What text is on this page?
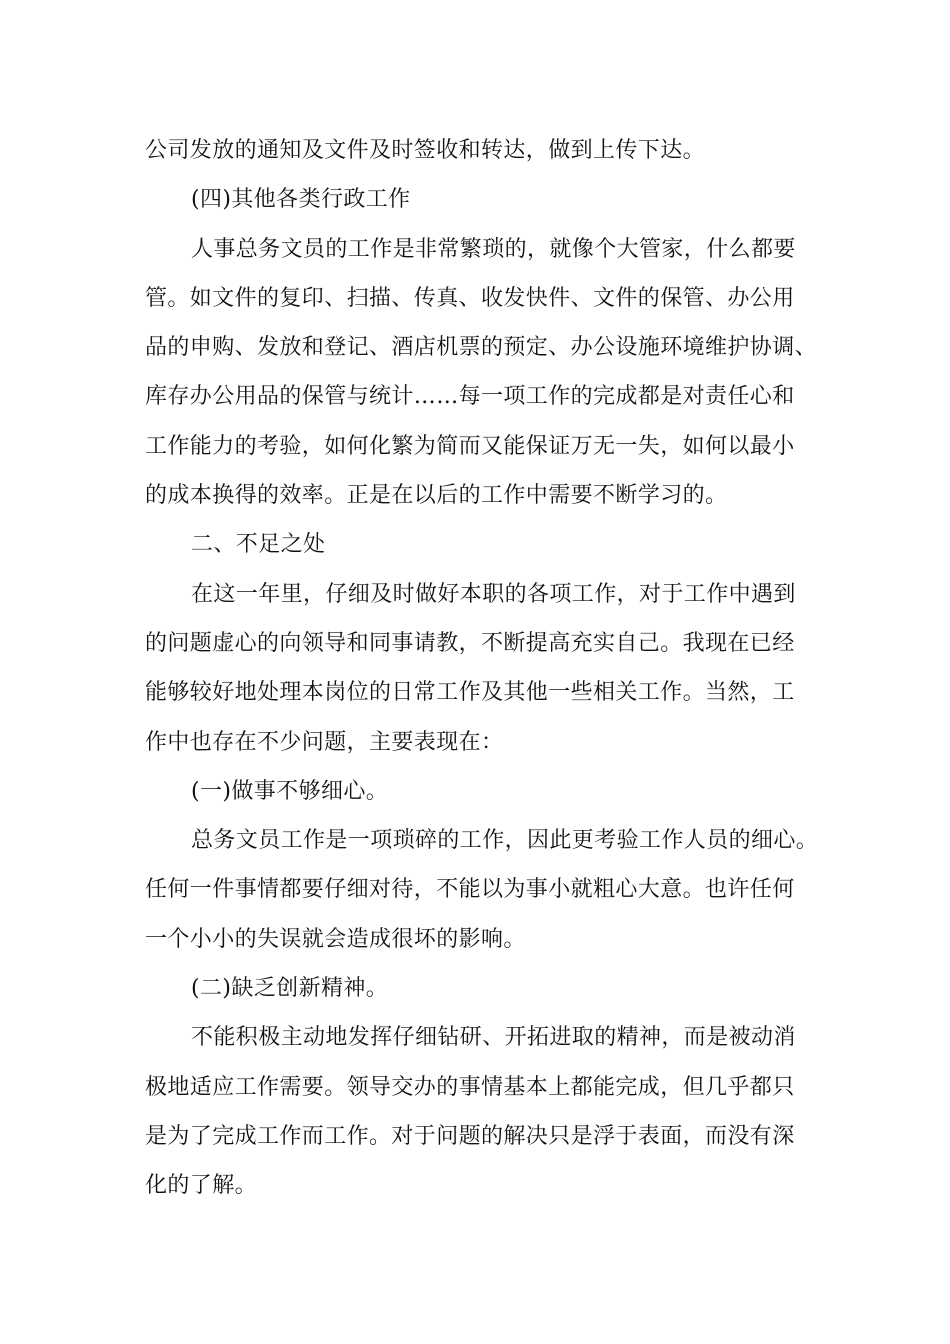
公司发放的通知及文件及时签收和转达，做到上传下达。
(四)其他各类行政工作
人事总务文员的工作是非常繁琐的，就像个大管家，什么都要
管。如文件的复印、扫描、传真、收发快件、文件的保管、办公用
品的申购、发放和登记、酒店机票的预定、办公设施环境维护协调、
库存办公用品的保管与统计……每一项工作的完成都是对责任心和
工作能力的考验，如何化繁为简而又能保证万无一失，如何以最小
的成本换得的效率。正是在以后的工作中需要不断学习的。
二、不足之处
在这一年里，仔细及时做好本职的各项工作，对于工作中遇到
的问题虚心的向领导和同事请教，不断提高充实自己。我现在已经
能够较好地处理本岗位的日常工作及其他一些相关工作。当然，工
作中也存在不少问题，主要表现在：
(一)做事不够细心。
总务文员工作是一项琐碎的工作，因此更考验工作人员的细心。
任何一件事情都要仔细对待，不能以为事小就粗心大意。也许任何
一个小小的失误就会造成很坏的影响。
(二)缺乏创新精神。
不能积极主动地发挥仔细钻研、开拓进取的精神，而是被动消
极地适应工作需要。领导交办的事情基本上都能完成，但几乎都只
是为了完成工作而工作。对于问题的解决只是浮于表面，而没有深
化的了解。
